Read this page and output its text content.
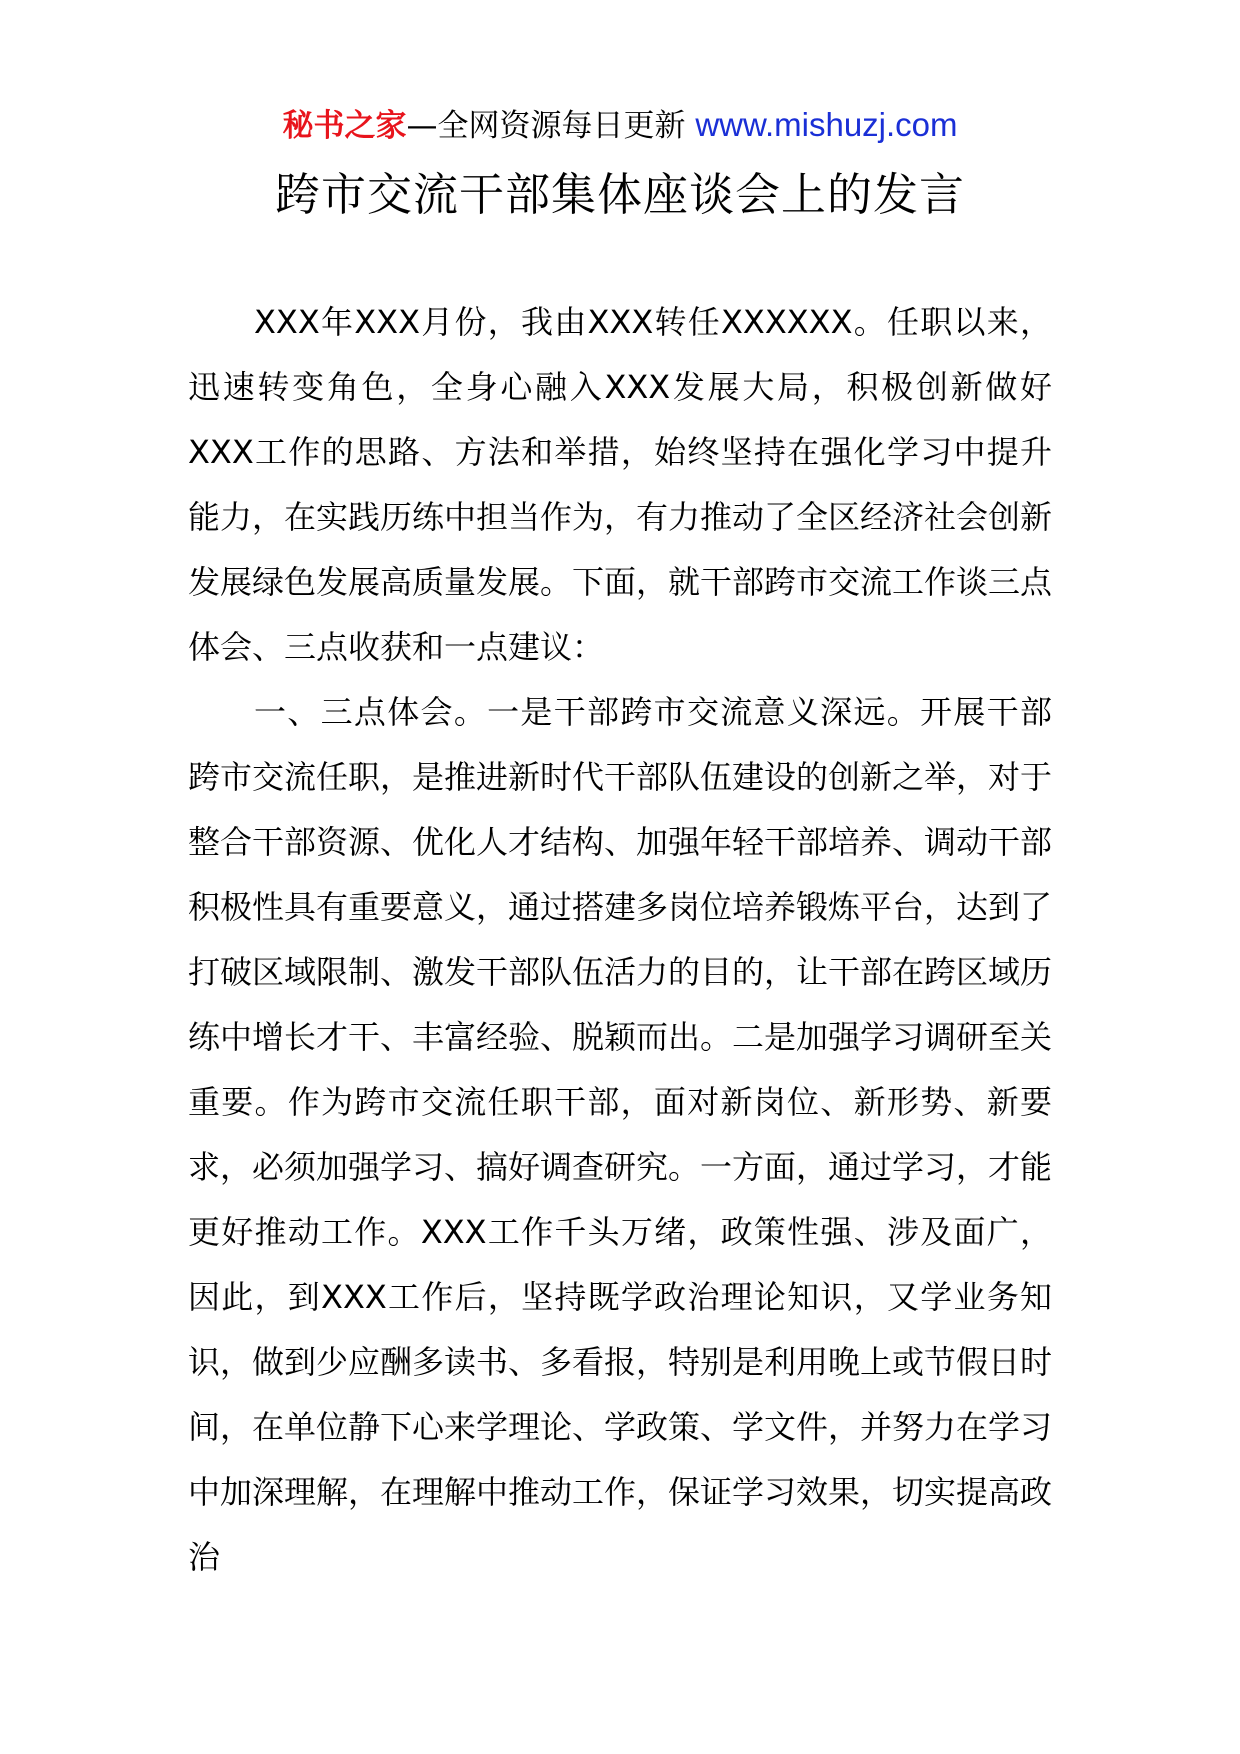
秘书之家—全网资源每日更新 www.mishuzj.com
跨市交流干部集体座谈会上的发言

XXX年XXX月份，我由XXX转任XXXXXX。任职以来，迅速转变角色，全身心融入XXX发展大局，积极创新做好XXX工作的思路、方法和举措，始终坚持在强化学习中提升能力，在实践历练中担当作为，有力推动了全区经济社会创新发展绿色发展高质量发展。下面，就干部跨市交流工作谈三点体会、三点收获和一点建议：

一、三点体会。一是干部跨市交流意义深远。开展干部跨市交流任职，是推进新时代干部队伍建设的创新之举，对于整合干部资源、优化人才结构、加强年轻干部培养、调动干部积极性具有重要意义，通过搭建多岗位培养锻炼平台，达到了打破区域限制、激发干部队伍活力的目的，让干部在跨区域历练中增长才干、丰富经验、脱颖而出。二是加强学习调研至关重要。作为跨市交流任职干部，面对新岗位、新形势、新要求，必须加强学习、搞好调查研究。一方面，通过学习，才能更好推动工作。XXX工作千头万绪，政策性强、涉及面广，因此，到XXX工作后，坚持既学政治理论知识，又学业务知识，做到少应酬多读书、多看报，特别是利用晚上或节假日时间，在单位静下心来学理论、学政策、学文件，并努力在学习中加深理解，在理解中推动工作，保证学习效果，切实提高政治
